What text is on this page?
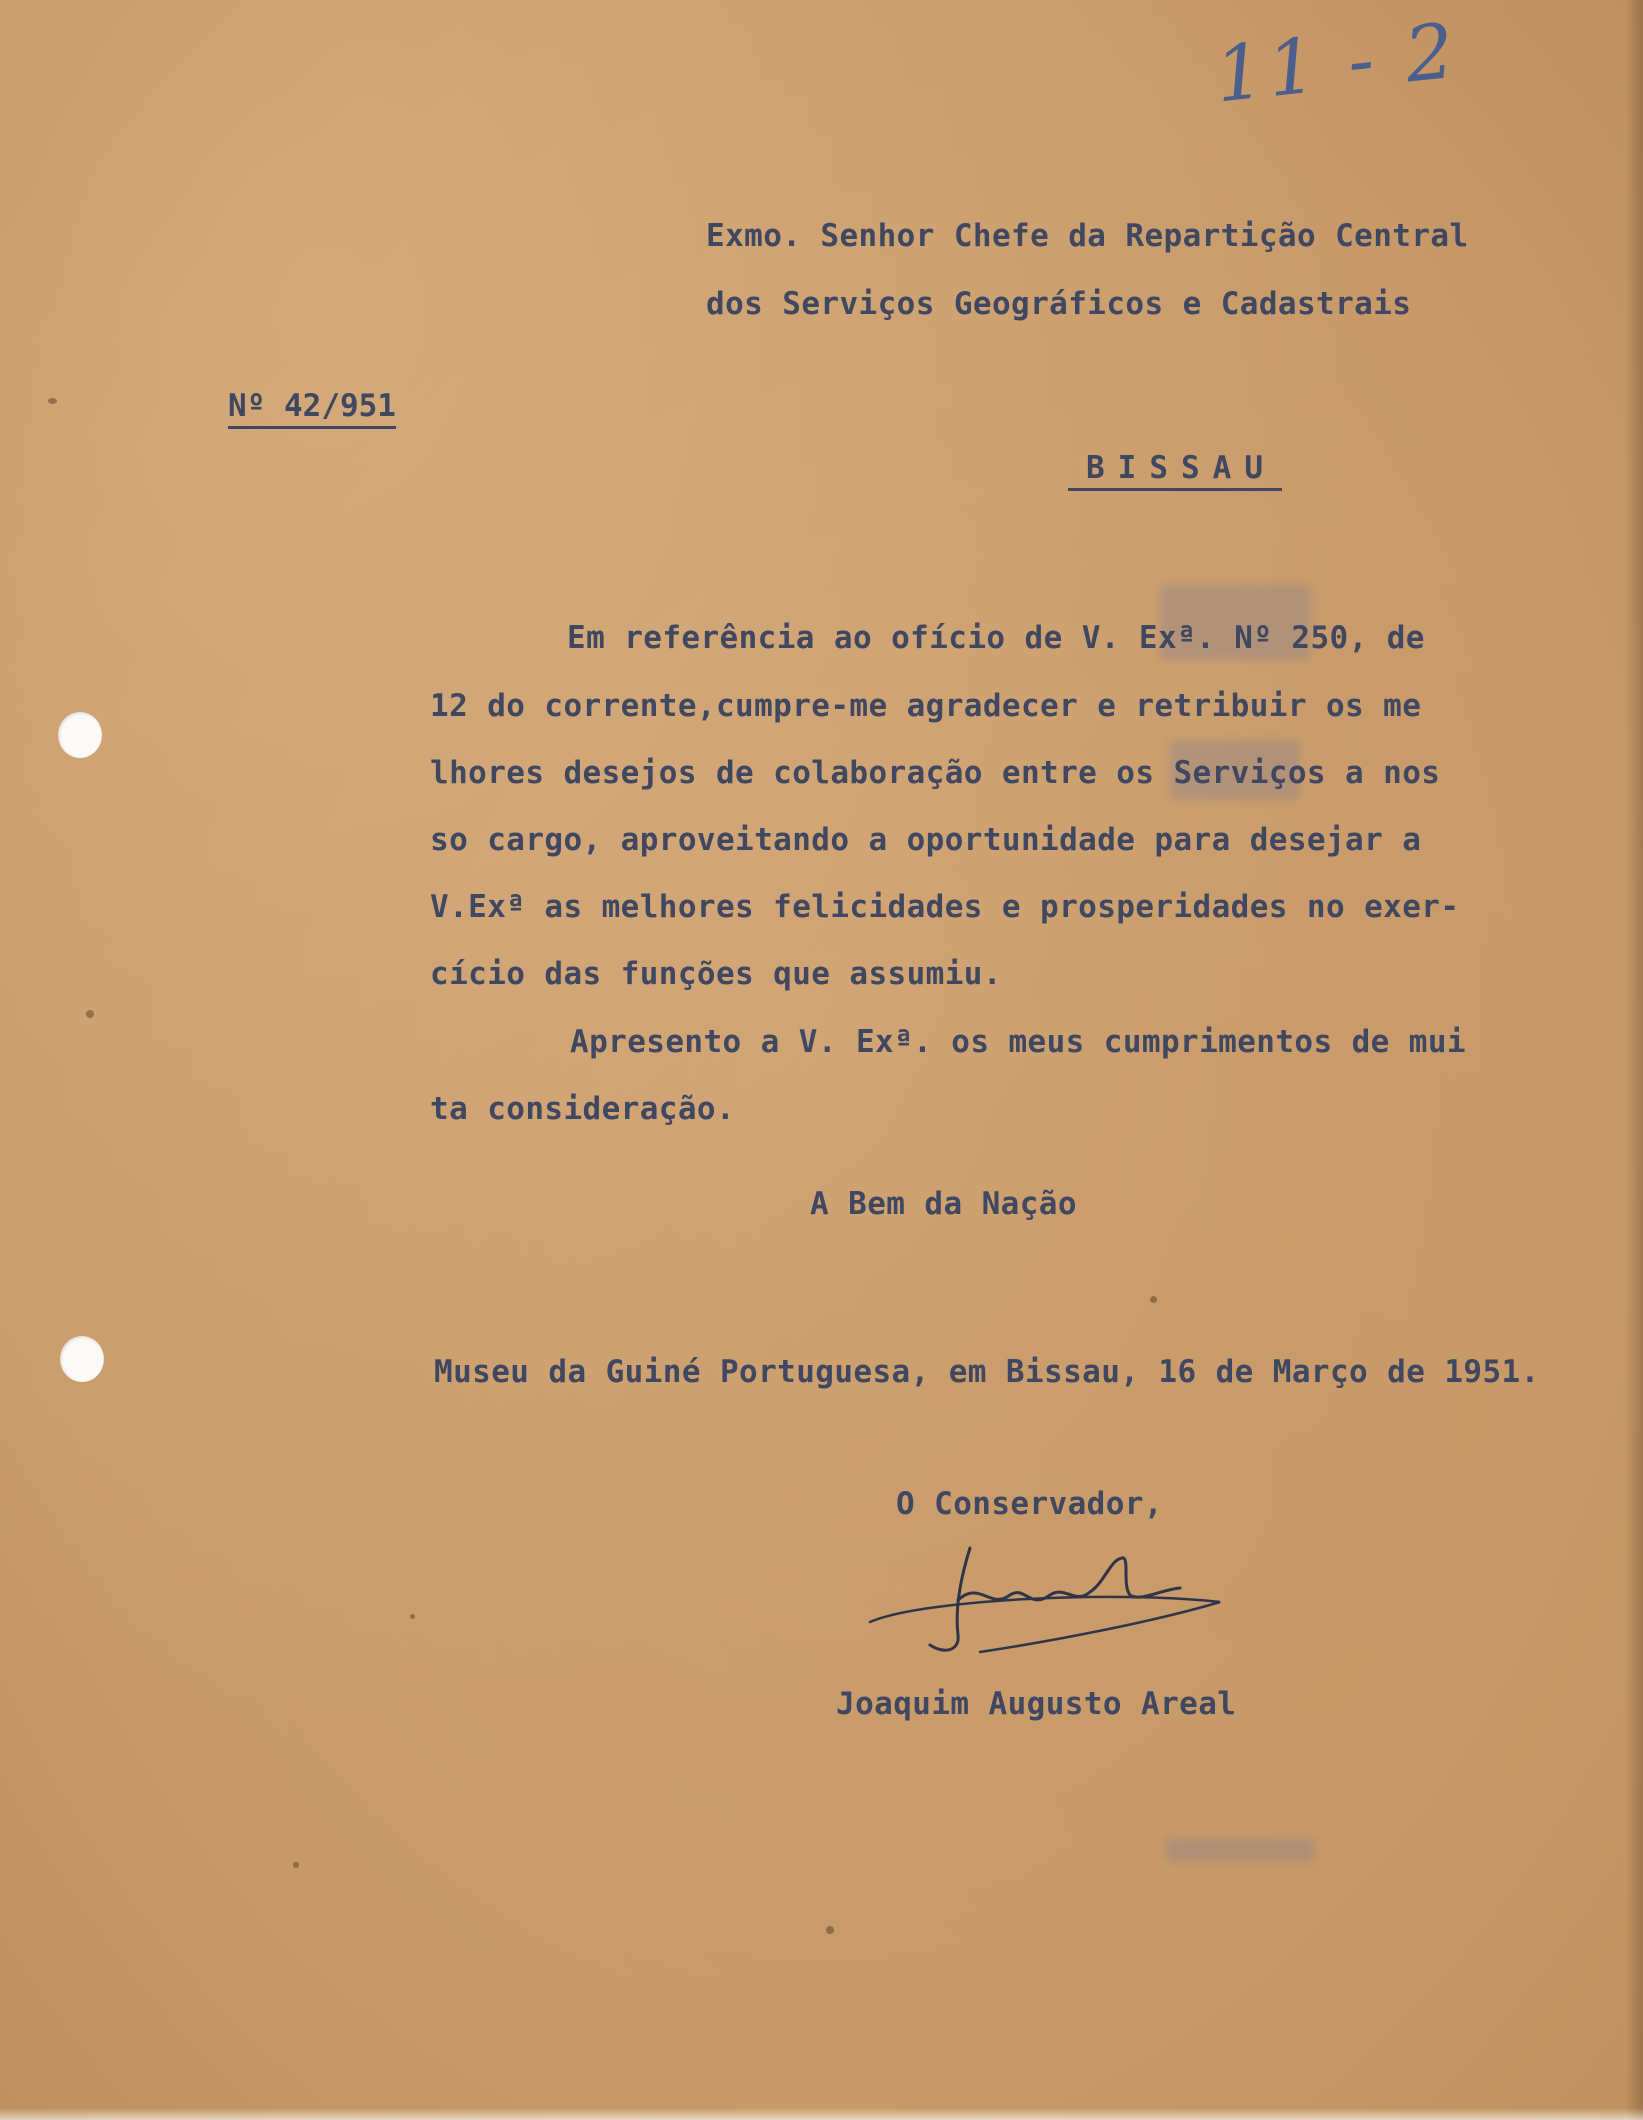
11 - 2
Exmo. Senhor Chefe da Repartição Central
dos Serviços Geográficos e Cadastrais
Nº 42/951
BISSAU
Em referência ao ofício de V. Exª. Nº 250, de
12 do corrente,cumpre-me agradecer e retribuir os me
lhores desejos de colaboração entre os Serviços a nos
so cargo, aproveitando a oportunidade para desejar a
V.Exª as melhores felicidades e prosperidades no exer-
cício das funções que assumiu.
Apresento a V. Exª. os meus cumprimentos de mui
ta consideração.
A Bem da Nação
Museu da Guiné Portuguesa, em Bissau, 16 de Março de 1951.
O Conservador,
Joaquim Augusto Areal
